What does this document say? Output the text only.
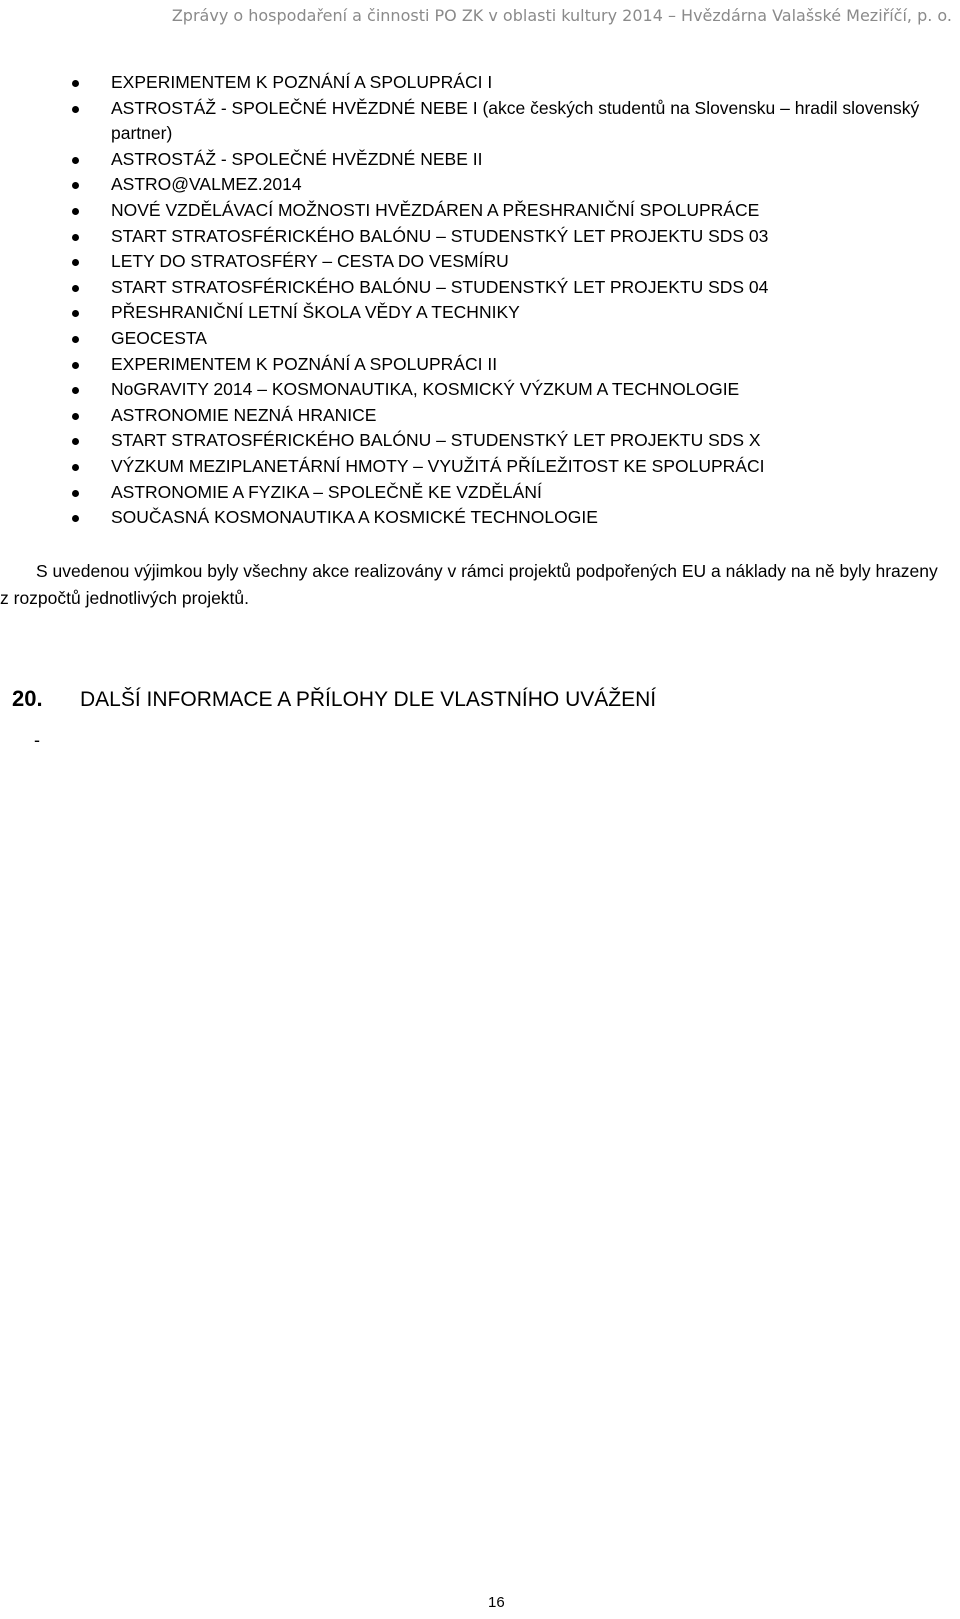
Zprávy o hospodaření a činnosti PO ZK v oblasti kultury 2014 – Hvězdárna Valašské Meziříčí, p. o.
EXPERIMENTEM K POZNÁNÍ A SPOLUPRÁCI I
ASTROSTÁŽ - SPOLEČNÉ HVĚZDNÉ NEBE I (akce českých studentů na Slovensku – hradil slovenský partner)
ASTROSTÁŽ - SPOLEČNÉ HVĚZDNÉ NEBE II
ASTRO@VALMEZ.2014
NOVÉ VZDĚLÁVACÍ MOŽNOSTI HVĚZDÁREN A PŘESHRANIČNÍ SPOLUPRÁCE
START STRATOSFÉRICKÉHO BALÓNU – STUDENSTKÝ LET PROJEKTU SDS 03
LETY DO STRATOSFÉRY – CESTA DO VESMÍRU
START STRATOSFÉRICKÉHO BALÓNU – STUDENSTKÝ LET PROJEKTU SDS 04
PŘESHRANIČNÍ LETNÍ ŠKOLA VĚDY A TECHNIKY
GEOCESTA
EXPERIMENTEM K POZNÁNÍ A SPOLUPRÁCI II
NoGRAVITY 2014 – KOSMONAUTIKA, KOSMICKÝ VÝZKUM A TECHNOLOGIE
ASTRONOMIE NEZNÁ HRANICE
START STRATOSFÉRICKÉHO BALÓNU – STUDENSTKÝ LET PROJEKTU SDS X
VÝZKUM MEZIPLANETÁRNÍ HMOTY – VYUŽITÁ PŘÍLEŽITOST KE SPOLUPRÁCI
ASTRONOMIE A FYZIKA – SPOLEČNĚ KE VZDĚLÁNÍ
SOUČASNÁ KOSMONAUTIKA A KOSMICKÉ TECHNOLOGIE
S uvedenou výjimkou byly všechny akce realizovány v rámci projektů podpořených EU a náklady na ně byly hrazeny z rozpočtů jednotlivých projektů.
20. DALŠÍ INFORMACE A PŘÍLOHY DLE VLASTNÍHO UVÁŽENÍ
-
16
